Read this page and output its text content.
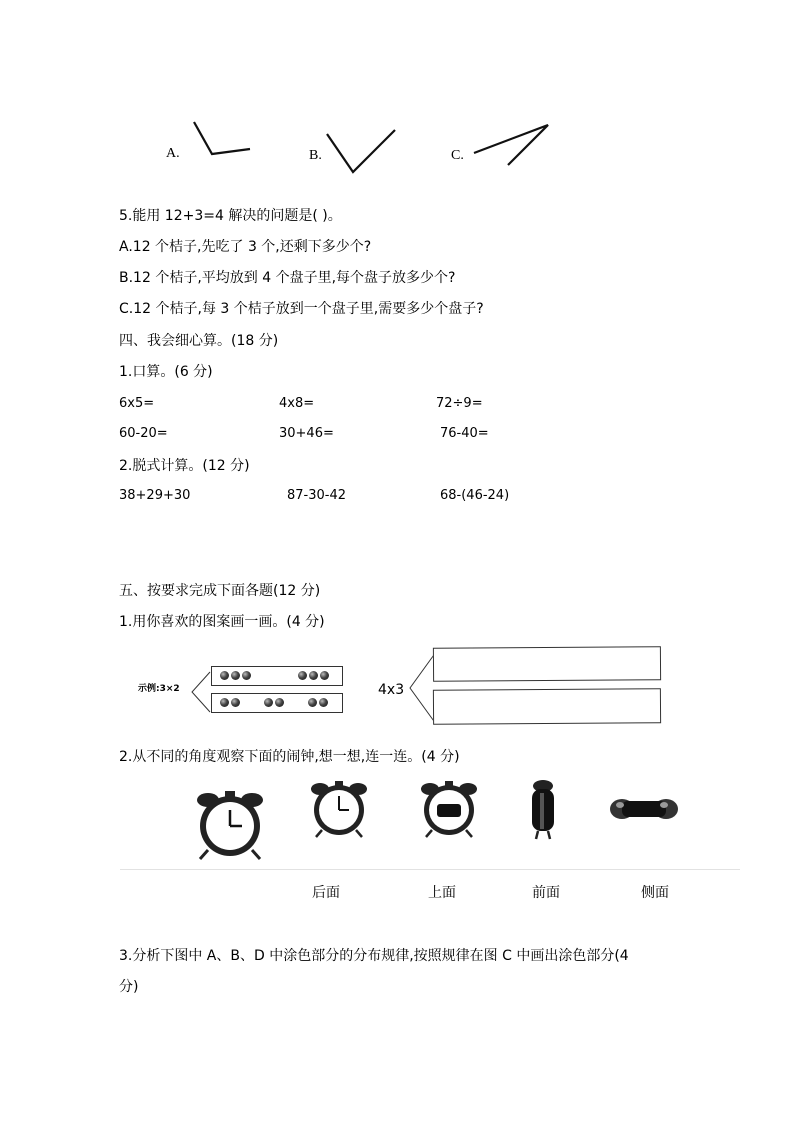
A.	B.	C.
5.能用 12+3=4 解决的问题是( )。
A.12 个桔子,先吃了 3 个,还剩下多少个?
B.12 个桔子,平均放到 4 个盘子里,每个盘子放多少个?
C.12 个桔子,每 3 个桔子放到一个盘子里,需要多少个盘子?
四、我会细心算。(18 分)
1.口算。(6 分)
6x5=	4x8=	72÷9=
60-20=	30+46=	76-40=
2.脱式计算。(12 分)
38+29+30	87-30-42	68-(46-24)
五、按要求完成下面各题(12 分)
1.用你喜欢的图案画一画。(4 分)
示例:3×2	4x3
2.从不同的角度观察下面的闹钟,想一想,连一连。(4 分)
后面	上面	前面	侧面
3.分析下图中 A、B、D 中涂色部分的分布规律,按照规律在图 C 中画出涂色部分(4
分)
